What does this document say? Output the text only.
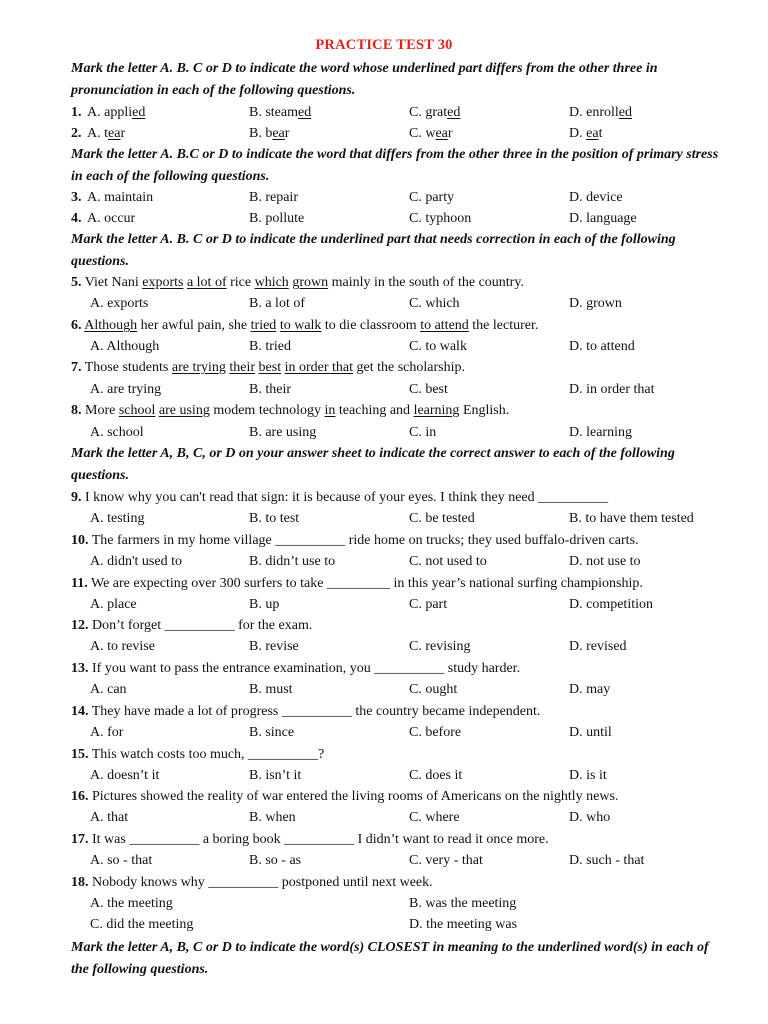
PRACTICE TEST 30
Mark the letter A. B. C or D to indicate the word whose underlined part differs from the other three in pronunciation in each of the following questions.
1. A. applied	B. steamed	C. grated	D. enrolled
2. A. tear	B. bear	C. wear	D. eat
Mark the letter A. B.C or D to indicate the word that differs from the other three in the position of primary stress in each of the following questions.
3. A. maintain	B. repair	C. party	D. device
4. A. occur	B. pollute	C. typhoon	D. language
Mark the letter A. B. C or D to indicate the underlined part that needs correction in each of the following questions.
5. Viet Nani exports a lot of rice which grown mainly in the south of the country.
A. exports	B. a lot of	C. which	D. grown
6. Although her awful pain, she tried to walk to die classroom to attend the lecturer.
A. Although	B. tried	C. to walk	D. to attend
7. Those students are trying their best in order that get the scholarship.
A. are trying	B. their	C. best	D. in order that
8. More school are using modem technology in teaching and learning English.
A. school	B. are using	C. in	D. learning
Mark the letter A, B, C, or D on your answer sheet to indicate the correct answer to each of the following questions.
9. I know why you can't read that sign: it is because of your eyes. I think they need __________
A. testing	B. to test	C. be tested	B. to have them tested
10. The farmers in my home village __________ ride home on trucks; they used buffalo-driven carts.
A. didn't used to	B. didn’t use to	C. not used to	D. not use to
11. We are expecting over 300 surfers to take _________ in this year’s national surfing championship.
A. place	B. up	C. part	D. competition
12. Don’t forget __________ for the exam.
A. to revise	B. revise	C. revising	D. revised
13. If you want to pass the entrance examination, you __________ study harder.
A. can	B. must	C. ought	D. may
14. They have made a lot of progress __________ the country became independent.
A. for	B. since	C. before	D. until
15. This watch costs too much, __________?
A. doesn’t it	B. isn’t it	C. does it	D. is it
16. Pictures showed the reality of war entered the living rooms of Americans on the nightly news.
A. that	B. when	C. where	D. who
17. It was __________ a boring book __________ I didn’t want to read it once more.
A. so - that	B. so - as	C. very - that	D. such - that
18. Nobody knows why __________ postponed until next week.
A. the meeting	B. was the meeting
C. did the meeting	D. the meeting was
Mark the letter A, B, C or D to indicate the word(s) CLOSEST in meaning to the underlined word(s) in each of the following questions.
